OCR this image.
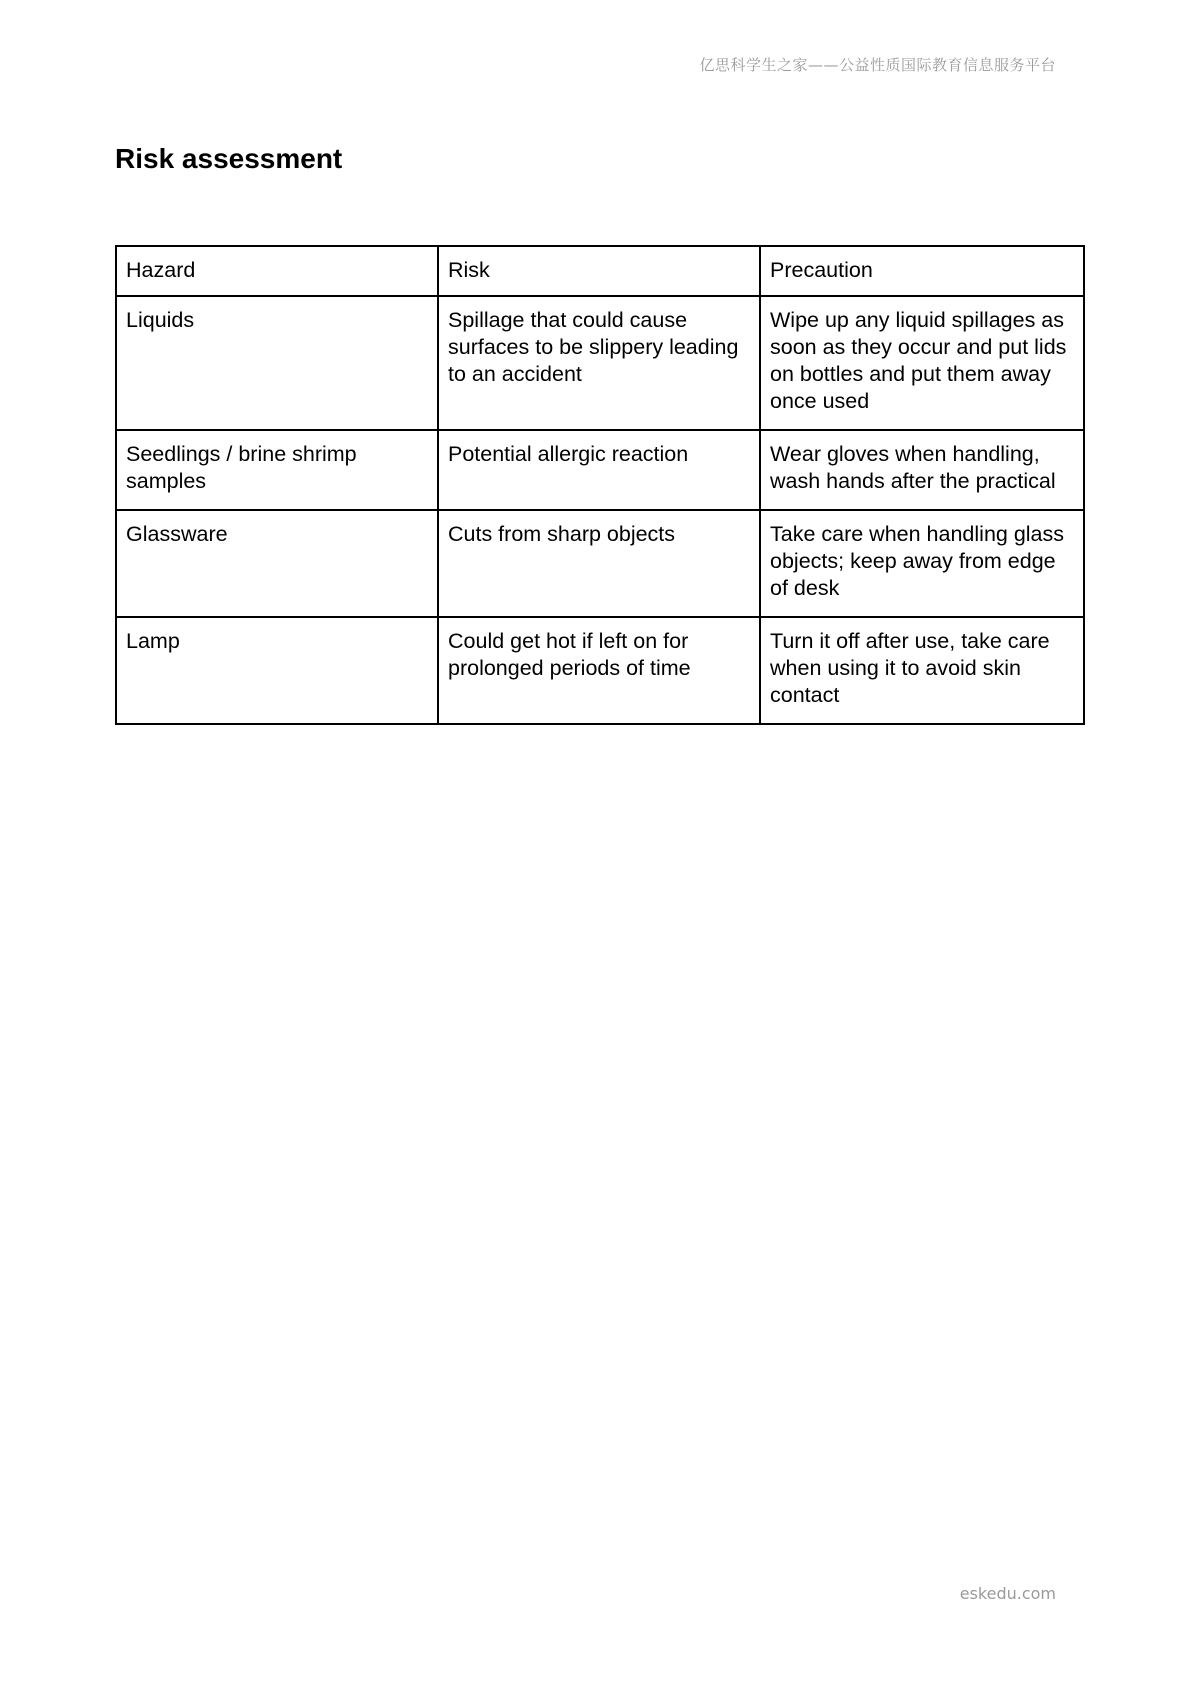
亿思科学生之家——公益性质国际教育信息服务平台
Risk assessment
Hazard	Risk	Precaution
Liquids	Spillage that could cause surfaces to be slippery leading to an accident	Wipe up any liquid spillages as soon as they occur and put lids on bottles and put them away once used
Seedlings / brine shrimp samples	Potential allergic reaction	Wear gloves when handling, wash hands after the practical
Glassware	Cuts from sharp objects	Take care when handling glass objects; keep away from edge of desk
Lamp	Could get hot if left on for prolonged periods of time	Turn it off after use, take care when using it to avoid skin contact
eskedu.com
